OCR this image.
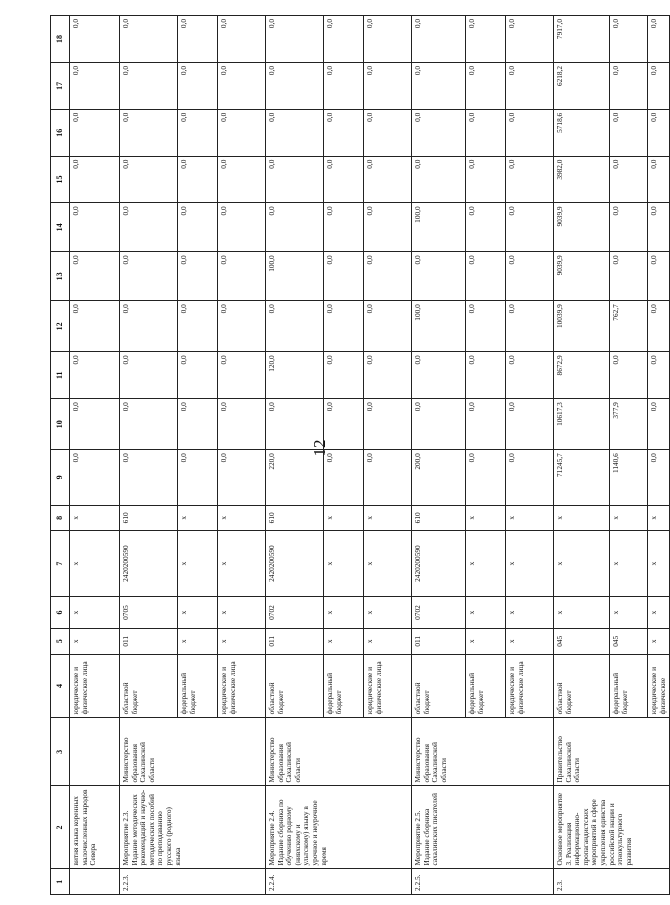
12
1	2	3	4	5	6	7	8	9	10	11	12	13	14	15	16	17	18
	витня языка коренных малочисленных народов Севера		юридические и физические лица	x	x	x	x	0,0	0,0	0,0	0,0	0,0	0,0	0,0	0,0	0,0	0,0
2.2.3.	Мероприятие 2.3. Издание методических рекомендаций и научно-методических пособий по преподаванию русского (родного) языка	Министерство образования Сахалинской области	областной бюджет	011	0705	2420200590	610	0,0	0,0	0,0	0,0	0,0	0,0	0,0	0,0	0,0	0,0
			федеральный бюджет	x	x	x	x	0,0	0,0	0,0	0,0	0,0	0,0	0,0	0,0	0,0	0,0
			юридические и физические лица	x	x	x	x	0,0	0,0	0,0	0,0	0,0	0,0	0,0	0,0	0,0	0,0
2.2.4.	Мероприятие 2.4. Издание сборника по обучению родному (нивхскому и ультскому) языку в урочное и неурочное время	Министерство образования Сахалинской области	областной бюджет	011	0702	2420200590	610	220,0	0,0	120,0	0,0	100,0	0,0	0,0	0,0	0,0	0,0
			федеральный бюджет	x	x	x	x	0,0	0,0	0,0	0,0	0,0	0,0	0,0	0,0	0,0	0,0
			юридические и физические лица	x	x	x	x	0,0	0,0	0,0	0,0	0,0	0,0	0,0	0,0	0,0	0,0
2.2.5.	Мероприятие 2.5. Издание сборника сахалинских писателей	Министерство образования Сахалинской области	областной бюджет	011	0702	2420200590	610	200,0	0,0	0,0	100,0	0,0	100,0	0,0	0,0	0,0	0,0
			федеральный бюджет	x	x	x	x	0,0	0,0	0,0	0,0	0,0	0,0	0,0	0,0	0,0	0,0
			юридические и физические лица	x	x	x	x	0,0	0,0	0,0	0,0	0,0	0,0	0,0	0,0	0,0	0,0
2.3.	Основное мероприятие 3. Реализация информационно-пропагандистских мероприятий в сфере укрепления единства российской нации и этнокультурного развития	Правительство Сахалинской области	областной бюджет	045	x	x	x	71245,7	10617,3	8672,9	10039,9	9039,9	9039,9	3982,0	5718,6	6218,2	7917,0
			федеральный бюджет	045	x	x	x	1140,6	377,9	0,0	762,7	0,0	0,0	0,0	0,0	0,0	0,0
			юридические и физические	x	x	x	x	0,0	0,0	0,0	0,0	0,0	0,0	0,0	0,0	0,0	0,0
